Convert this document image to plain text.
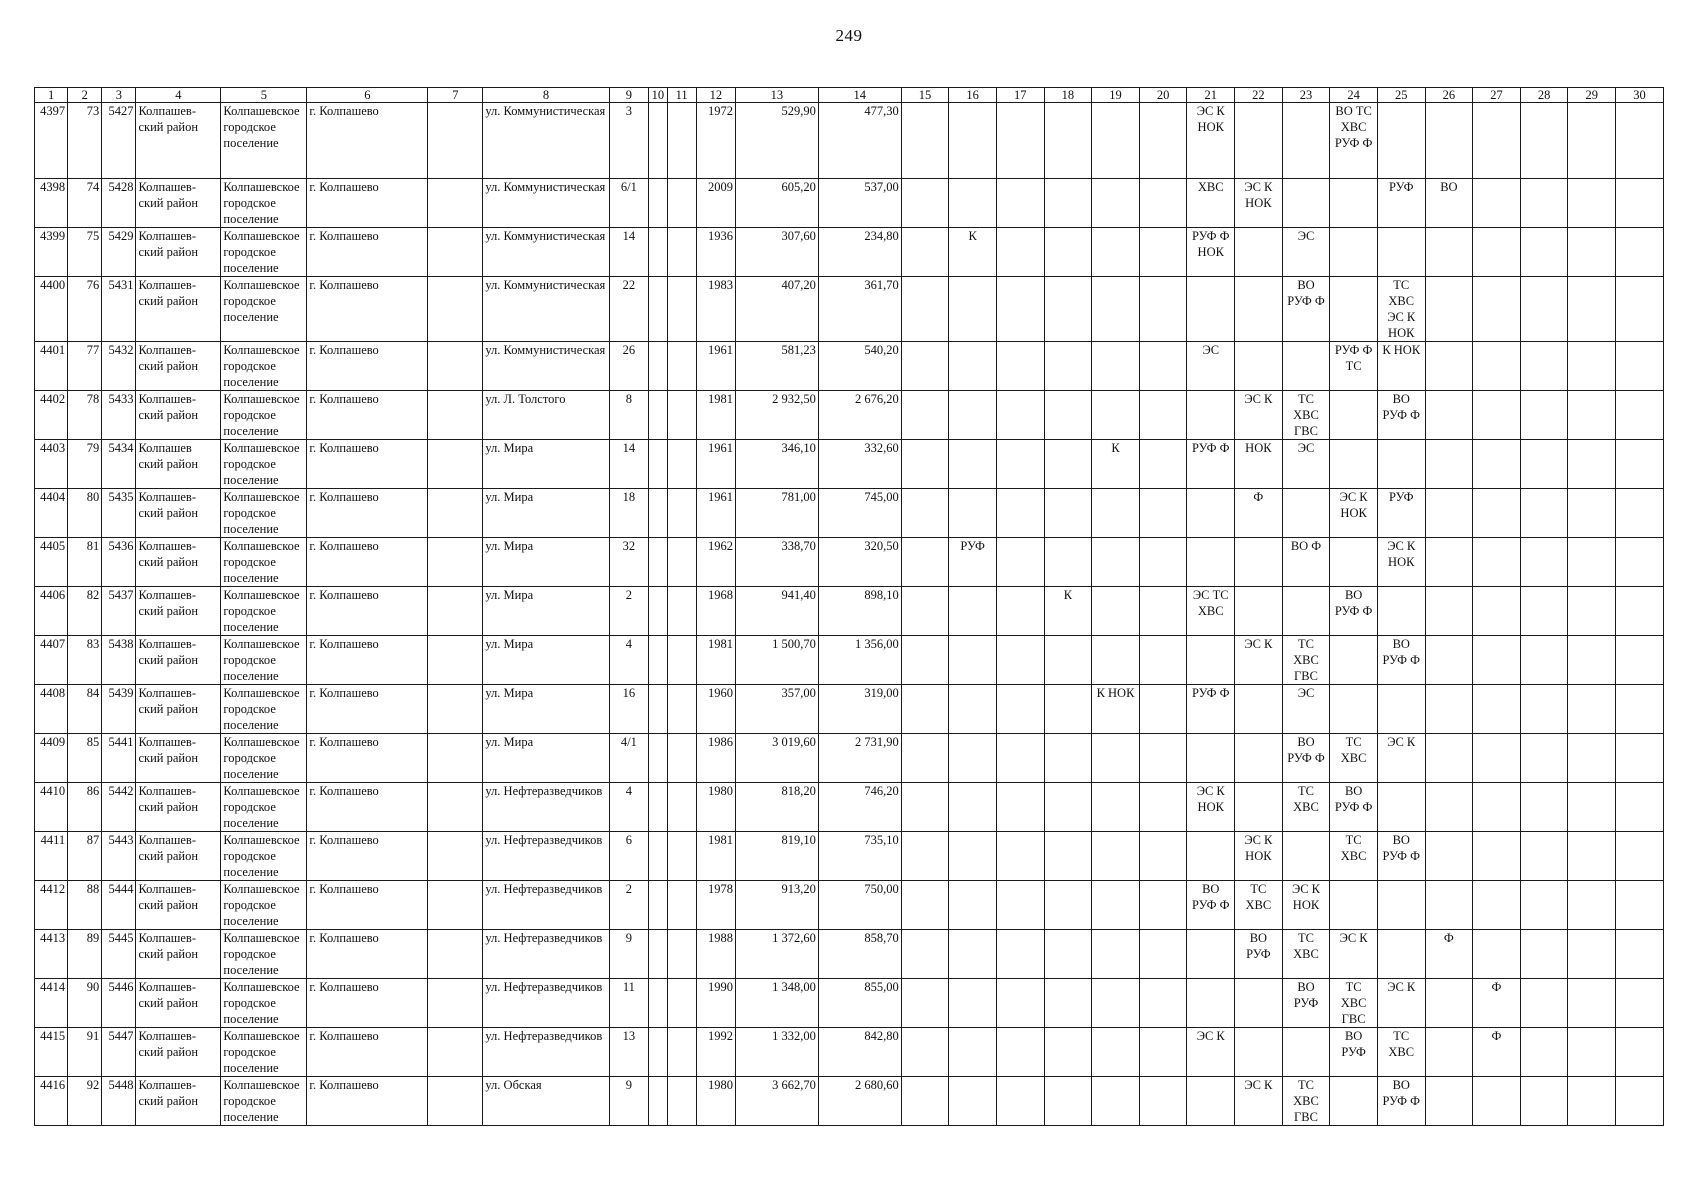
249
1	2	3	4	5	6	7	8	9	10	11	12	13	14	15	16	17	18	19	20	21	22	23	24	25	26	27	28	29	30
4397	73	5427	Колпашев- ский район	Колпашевское городское поселение	г. Колпашево		ул. Коммунистическая	3			1972	529,90	477,30							ЭС К НОК			ВО ТС ХВС РУФ Ф						
4398	74	5428	Колпашев- ский район	Колпашевское городское поселение	г. Колпашево		ул. Коммунистическая	6/1			2009	605,20	537,00							ХВС	ЭС К НОК			РУФ	ВО				
4399	75	5429	Колпашев- ский район	Колпашевское городское поселение	г. Колпашево		ул. Коммунистическая	14			1936	307,60	234,80		К					РУФ Ф НОК		ЭС							
4400	76	5431	Колпашев- ский район	Колпашевское городское поселение	г. Колпашево		ул. Коммунистическая	22			1983	407,20	361,70									ВО РУФ Ф		ТС ХВС ЭС К НОК					
4401	77	5432	Колпашев- ский район	Колпашевское городское поселение	г. Колпашево		ул. Коммунистическая	26			1961	581,23	540,20							ЭС			РУФ Ф ТС	К НОК					
4402	78	5433	Колпашев- ский район	Колпашевское городское поселение	г. Колпашево		ул. Л. Толстого	8			1981	2 932,50	2 676,20								ЭС К	ТС ХВС ГВС		ВО РУФ Ф					
4403	79	5434	Колпашев ский район	Колпашевское городское поселение	г. Колпашево		ул. Мира	14			1961	346,10	332,60					К		РУФ Ф	НОК	ЭС							
4404	80	5435	Колпашев- ский район	Колпашевское городское поселение	г. Колпашево		ул. Мира	18			1961	781,00	745,00								Ф		ЭС К НОК	РУФ					
4405	81	5436	Колпашев- ский район	Колпашевское городское поселение	г. Колпашево		ул. Мира	32			1962	338,70	320,50		РУФ							ВО Ф		ЭС К НОК					
4406	82	5437	Колпашев- ский район	Колпашевское городское поселение	г. Колпашево		ул. Мира	2			1968	941,40	898,10				К			ЭС ТС ХВС			ВО РУФ Ф						
4407	83	5438	Колпашев- ский район	Колпашевское городское поселение	г. Колпашево		ул. Мира	4			1981	1 500,70	1 356,00								ЭС К	ТС ХВС ГВС		ВО РУФ Ф					
4408	84	5439	Колпашев- ский район	Колпашевское городское поселение	г. Колпашево		ул. Мира	16			1960	357,00	319,00					К НОК		РУФ Ф		ЭС							
4409	85	5441	Колпашев- ский район	Колпашевское городское поселение	г. Колпашево		ул. Мира	4/1			1986	3 019,60	2 731,90									ВО РУФ Ф	ТС ХВС	ЭС К					
4410	86	5442	Колпашев- ский район	Колпашевское городское поселение	г. Колпашево		ул. Нефтеразведчиков	4			1980	818,20	746,20							ЭС К НОК		ТС ХВС	ВО РУФ Ф						
4411	87	5443	Колпашев- ский район	Колпашевское городское поселение	г. Колпашево		ул. Нефтеразведчиков	6			1981	819,10	735,10								ЭС К НОК		ТС ХВС	ВО РУФ Ф					
4412	88	5444	Колпашев- ский район	Колпашевское городское поселение	г. Колпашево		ул. Нефтеразведчиков	2			1978	913,20	750,00							ВО РУФ Ф	ТС ХВС	ЭС К НОК							
4413	89	5445	Колпашев- ский район	Колпашевское городское поселение	г. Колпашево		ул. Нефтеразведчиков	9			1988	1 372,60	858,70								ВО РУФ	ТС ХВС	ЭС К		Ф				
4414	90	5446	Колпашев- ский район	Колпашевское городское поселение	г. Колпашево		ул. Нефтеразведчиков	11			1990	1 348,00	855,00									ВО РУФ	ТС ХВС ГВС	ЭС К		Ф			
4415	91	5447	Колпашев- ский район	Колпашевское городское поселение	г. Колпашево		ул. Нефтеразведчиков	13			1992	1 332,00	842,80							ЭС К			ВО РУФ	ТС ХВС		Ф			
4416	92	5448	Колпашев- ский район	Колпашевское городское поселение	г. Колпашево		ул. Обская	9			1980	3 662,70	2 680,60								ЭС К	ТС ХВС ГВС		ВО РУФ Ф					
